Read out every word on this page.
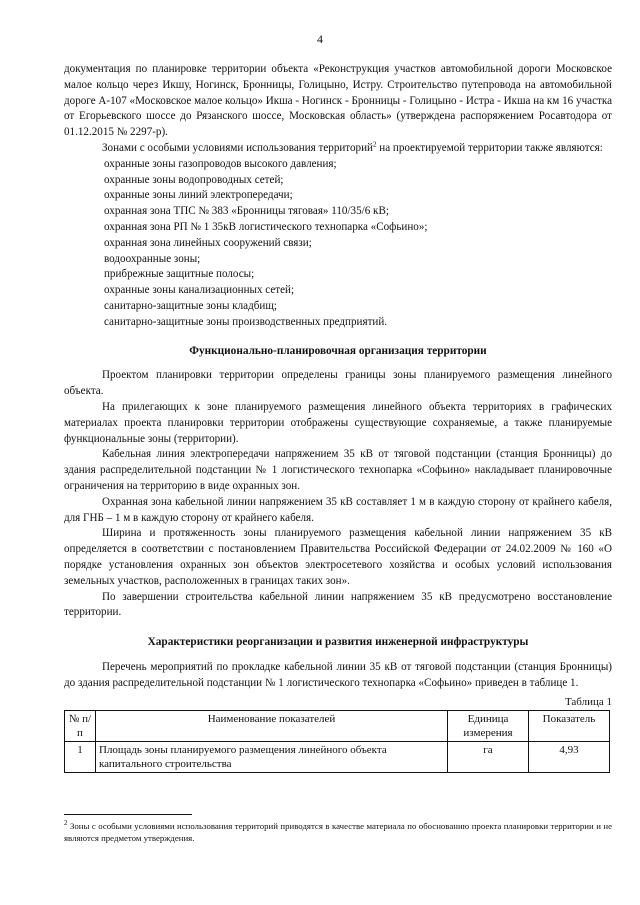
4

документация по планировке территории объекта «Реконструкция участков автомобильной дороги Московское малое кольцо через Икшу, Ногинск, Бронницы, Голицыно, Истру. Строительство путепровода на автомобильной дороге А-107 «Московское малое кольцо» Икша - Ногинск - Бронницы - Голицыно - Истра - Икша на км 16 участка от Егорьевского шоссе до Рязанского шоссе, Московская область» (утверждена распоряжением Росавтодора от 01.12.2015 № 2297-р).

Зонами с особыми условиями использования территорий$^2$ на проектируемой территории также являются:

охранные зоны газопроводов высокого давления;

охранные зоны водопроводных сетей;

охранные зоны линий электропередачи;

охранная зона ТПС № 383 «Бронницы тяговая» 110/35/6 кВ;

охранная зона РП № 1 35кВ логистического технопарка «Софьино»;

охранная зона линейных сооружений связи;

водоохранные зоны;

прибрежные защитные полосы;

охранные зоны канализационных сетей;

санитарно-защитные зоны кладбищ;

санитарно-защитные зоны производственных предприятий.

Функционально-планировочная организация территории

Проектом планировки территории определены границы зоны планируемого размещения линейного объекта.

На прилегающих к зоне планируемого размещения линейного объекта территориях в графических материалах проекта планировки территории отображены существующие сохраняемые, а также планируемые функциональные зоны (территории).

Кабельная линия электропередачи напряжением 35 кВ от тяговой подстанции (станция Бронницы) до здания распределительной подстанции № 1 логистического технопарка «Софьино» накладывает планировочные ограничения на территорию в виде охранных зон.

Охранная зона кабельной линии напряжением 35 кВ составляет 1 м в каждую сторону от крайнего кабеля, для ГНБ – 1 м в каждую сторону от крайнего кабеля.

Ширина и протяженность зоны планируемого размещения кабельной линии напряжением 35 кВ определяется в соответствии с постановлением Правительства Российской Федерации от 24.02.2009 № 160 «О порядке установления охранных зон объектов электросетевого хозяйства и особых условий использования земельных участков, расположенных в границах таких зон».

По завершении строительства кабельной линии напряжением 35 кВ предусмотрено восстановление территории.

Характеристики реорганизации и развития инженерной инфраструктуры

Перечень мероприятий по прокладке кабельной линии 35 кВ от тяговой подстанции (станция Бронницы) до здания распределительной подстанции № 1 логистического технопарка «Софьино» приведен в таблице 1.

Таблица 1
№ п/п	Наименование показателей	Единица измерения	Показатель
1	Площадь зоны планируемого размещения линейного объекта капитального строительства	га	4,93
$^2$ Зоны с особыми условиями использования территорий приводятся в качестве материала по обоснованию проекта планировки территории и не являются предметом утверждения.
